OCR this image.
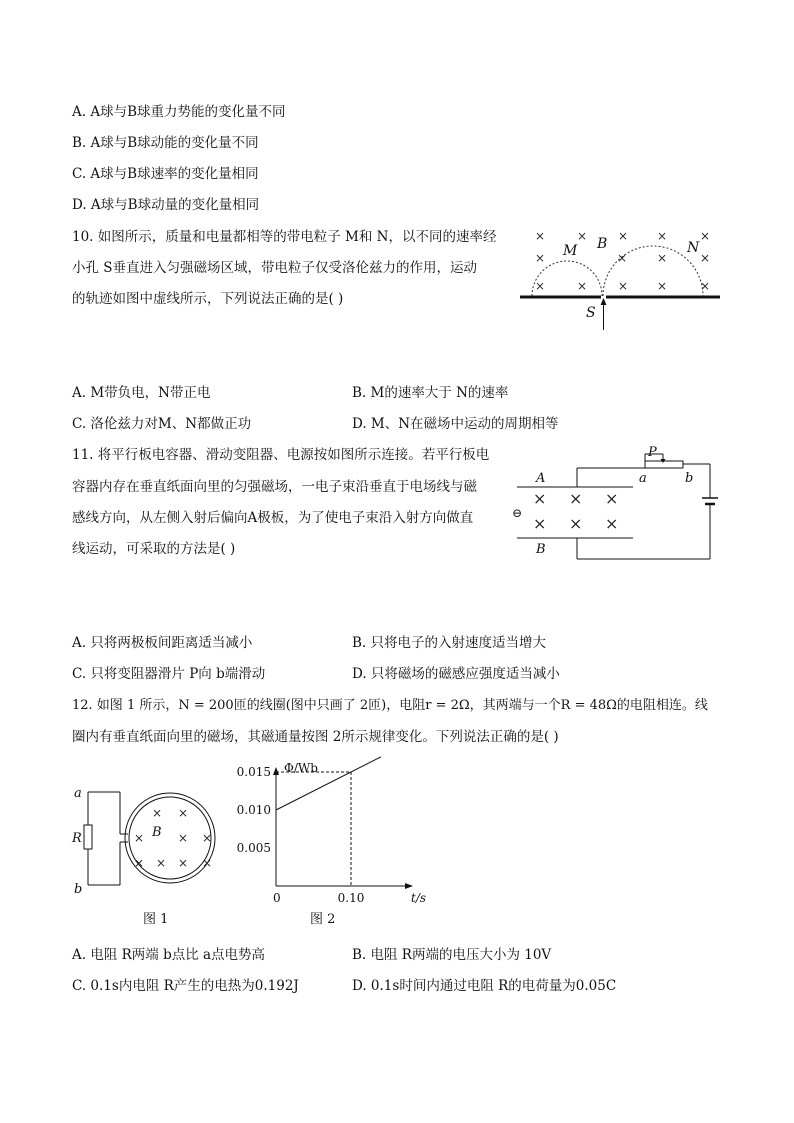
A. A球与B球重力势能的变化量不同
B. A球与B球动能的变化量不同
C. A球与B球速率的变化量相同
D. A球与B球动量的变化量相同
10. 如图所示，质量和电量都相等的带电粒子 M和 N，以不同的速率经
小孔 S垂直进入匀强磁场区域，带电粒子仅受洛伦兹力的作用，运动
的轨迹如图中虚线所示，下列说法正确的是( )
×	×	× ×	×
×	× ×	×
×	×	× ×	×
M B	N
S
A. M带负电，N带正电	B. M的速率大于 N的速率
C. 洛伦兹力对M、N都做正功	D. M、N在磁场中运动的周期相等
11. 将平行板电容器、滑动变阻器、电源按如图所示连接。若平行板电
容器内存在垂直纸面向里的匀强磁场，一电子束沿垂直于电场线与磁
感线方向，从左侧入射后偏向A极板，为了使电子束沿入射方向做直
线运动，可采取的方法是( )
× × ×
× × ×
⊖
P
A
B
a	b
A. 只将两极板间距离适当减小	B. 只将电子的入射速度适当增大
C. 只将变阻器滑片 P向 b端滑动	D. 只将磁场的磁感应强度适当减小
12. 如图 1 所示，N = 200匝的线圈(图中只画了 2匝)，电阻r = 2Ω，其两端与一个R = 48Ω的电阻相连。线
圈内有垂直纸面向里的磁场，其磁通量按图 2所示规律变化。下列说法正确的是( )
× ×
×	× ×
× × × ×
a
b
R	B
图 1
Φ/Wb
t/s
0	0.10
0.015
0.010
0.005
图 2
A. 电阻 R两端 b点比 a点电势高	B. 电阻 R两端的电压大小为 10V
C. 0.1s内电阻 R产生的电热为0.192J	D. 0.1s时间内通过电阻 R的电荷量为0.05C
